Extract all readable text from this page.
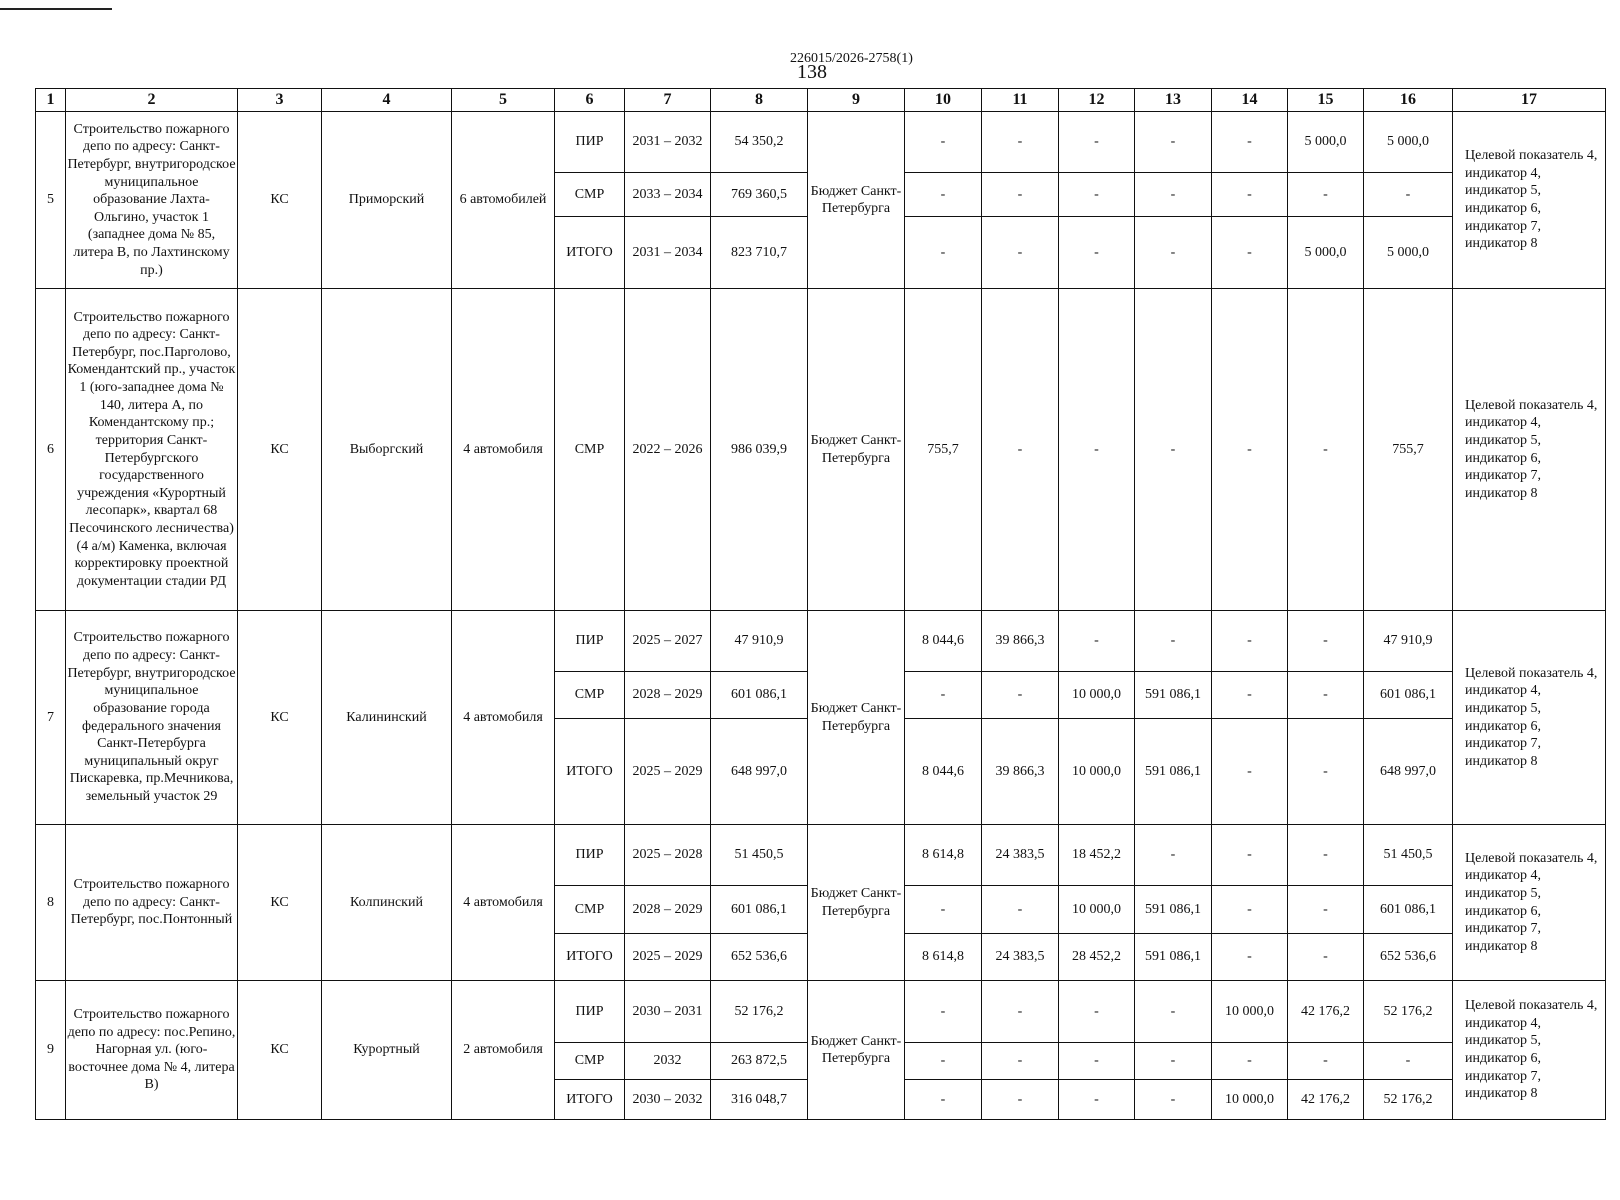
226015/2026-2758(1)
138
1	2	3	4	5	6	7	8	9	10	11	12	13	14	15	16	17
5	Строительство пожарного депо по адресу: Санкт-Петербург, внутригородское муниципальное образование Лахта-Ольгино, участок 1 (западнее дома № 85, литера В, по Лахтинскому пр.)	КС	Приморский	6 автомобилей	ПИР	2031 – 2032	54 350,2	Бюджет Санкт-Петербурга	-	-	-	-	-	5 000,0	5 000,0	Целевой показатель 4, индикатор 4, индикатор 5, индикатор 6, индикатор 7, индикатор 8
					СМР	2033 – 2034	769 360,5		-	-	-	-	-	-	-	
					ИТОГО	2031 – 2034	823 710,7		-	-	-	-	-	5 000,0	5 000,0	
6	Строительство пожарного депо по адресу: Санкт-Петербург, пос.Парголово, Комендантский пр., участок 1 (юго-западнее дома № 140, литера А, по Комендантскому пр.; территория Санкт-Петербургского государственного учреждения «Курортный лесопарк», квартал 68 Песочинского лесничества) (4 а/м) Каменка, включая корректировку проектной документации стадии РД	КС	Выборгский	4 автомобиля	СМР	2022 – 2026	986 039,9	Бюджет Санкт-Петербурга	755,7	-	-	-	-	-	755,7	Целевой показатель 4, индикатор 4, индикатор 5, индикатор 6, индикатор 7, индикатор 8
7	Строительство пожарного депо по адресу: Санкт-Петербург, внутригородское муниципальное образование города федерального значения Санкт-Петербурга муниципальный округ Пискаревка, пр.Мечникова, земельный участок 29	КС	Калининский	4 автомобиля	ПИР	2025 – 2027	47 910,9	Бюджет Санкт-Петербурга	8 044,6	39 866,3	-	-	-	-	47 910,9	Целевой показатель 4, индикатор 4, индикатор 5, индикатор 6, индикатор 7, индикатор 8
					СМР	2028 – 2029	601 086,1		-	-	10 000,0	591 086,1	-	-	601 086,1	
					ИТОГО	2025 – 2029	648 997,0		8 044,6	39 866,3	10 000,0	591 086,1	-	-	648 997,0	
8	Строительство пожарного депо по адресу: Санкт-Петербург, пос.Понтонный	КС	Колпинский	4 автомобиля	ПИР	2025 – 2028	51 450,5	Бюджет Санкт-Петербурга	8 614,8	24 383,5	18 452,2	-	-	-	51 450,5	Целевой показатель 4, индикатор 4, индикатор 5, индикатор 6, индикатор 7, индикатор 8
					СМР	2028 – 2029	601 086,1		-	-	10 000,0	591 086,1	-	-	601 086,1	
					ИТОГО	2025 – 2029	652 536,6		8 614,8	24 383,5	28 452,2	591 086,1	-	-	652 536,6	
9	Строительство пожарного депо по адресу: пос.Репино, Нагорная ул. (юго-восточнее дома № 4, литера В)	КС	Курортный	2 автомобиля	ПИР	2030 – 2031	52 176,2	Бюджет Санкт-Петербурга	-	-	-	-	10 000,0	42 176,2	52 176,2	Целевой показатель 4, индикатор 4, индикатор 5, индикатор 6, индикатор 7, индикатор 8
					СМР	2032	263 872,5		-	-	-	-	-	-	-	
					ИТОГО	2030 – 2032	316 048,7		-	-	-	-	10 000,0	42 176,2	52 176,2	
